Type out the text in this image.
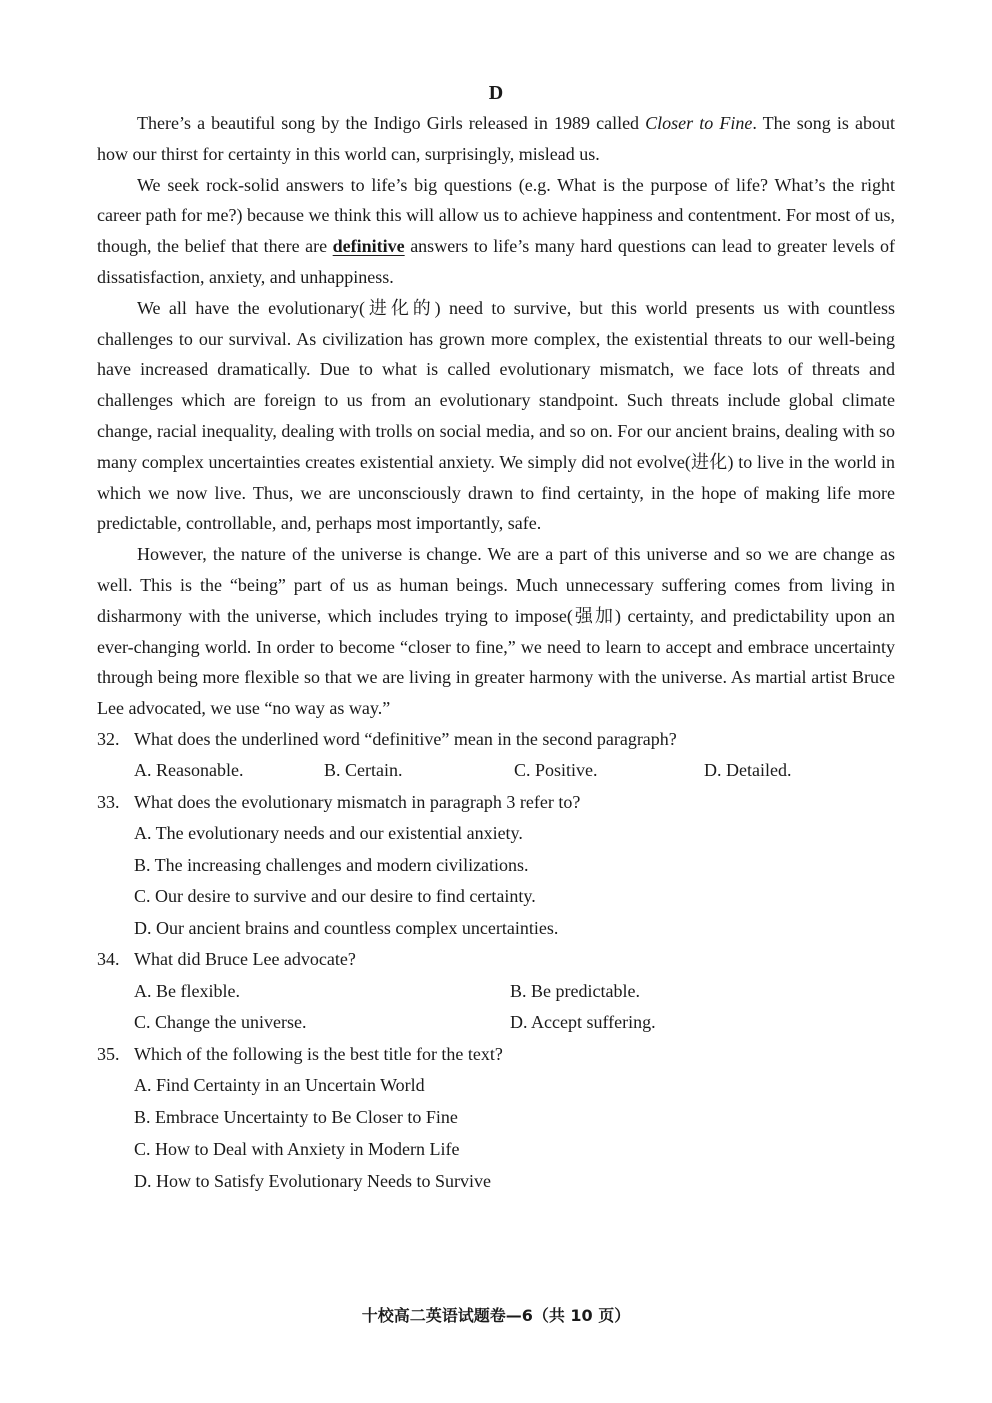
D

There’s a beautiful song by the Indigo Girls released in 1989 called Closer to Fine. The song is about how our thirst for certainty in this world can, surprisingly, mislead us.

We seek rock-solid answers to life’s big questions (e.g. What is the purpose of life? What’s the right career path for me?) because we think this will allow us to achieve happiness and contentment. For most of us, though, the belief that there are definitive answers to life’s many hard questions can lead to greater levels of dissatisfaction, anxiety, and unhappiness.

We all have the evolutionary(进化的) need to survive, but this world presents us with countless challenges to our survival. As civilization has grown more complex, the existential threats to our well-being have increased dramatically. Due to what is called evolutionary mismatch, we face lots of threats and challenges which are foreign to us from an evolutionary standpoint. Such threats include global climate change, racial inequality, dealing with trolls on social media, and so on. For our ancient brains, dealing with so many complex uncertainties creates existential anxiety. We simply did not evolve(进化) to live in the world in which we now live. Thus, we are unconsciously drawn to find certainty, in the hope of making life more predictable, controllable, and, perhaps most importantly, safe.

However, the nature of the universe is change. We are a part of this universe and so we are change as well. This is the “being” part of us as human beings. Much unnecessary suffering comes from living in disharmony with the universe, which includes trying to impose(强加) certainty, and predictability upon an ever-changing world. In order to become “closer to fine,” we need to learn to accept and embrace uncertainty through being more flexible so that we are living in greater harmony with the universe. As martial artist Bruce Lee advocated, we use “no way as way.”

32. What does the underlined word “definitive” mean in the second paragraph?

A. Reasonable.	B. Certain.	C. Positive.	D. Detailed.

33. What does the evolutionary mismatch in paragraph 3 refer to?

A. The evolutionary needs and our existential anxiety.
B. The increasing challenges and modern civilizations.
C. Our desire to survive and our desire to find certainty.
D. Our ancient brains and countless complex uncertainties.

34. What did Bruce Lee advocate?

A. Be flexible.	B. Be predictable.
C. Change the universe.	D. Accept suffering.

35. Which of the following is the best title for the text?

A. Find Certainty in an Uncertain World
B. Embrace Uncertainty to Be Closer to Fine
C. How to Deal with Anxiety in Modern Life
D. How to Satisfy Evolutionary Needs to Survive
十校高二英语试题卷—6（共 10 页）
